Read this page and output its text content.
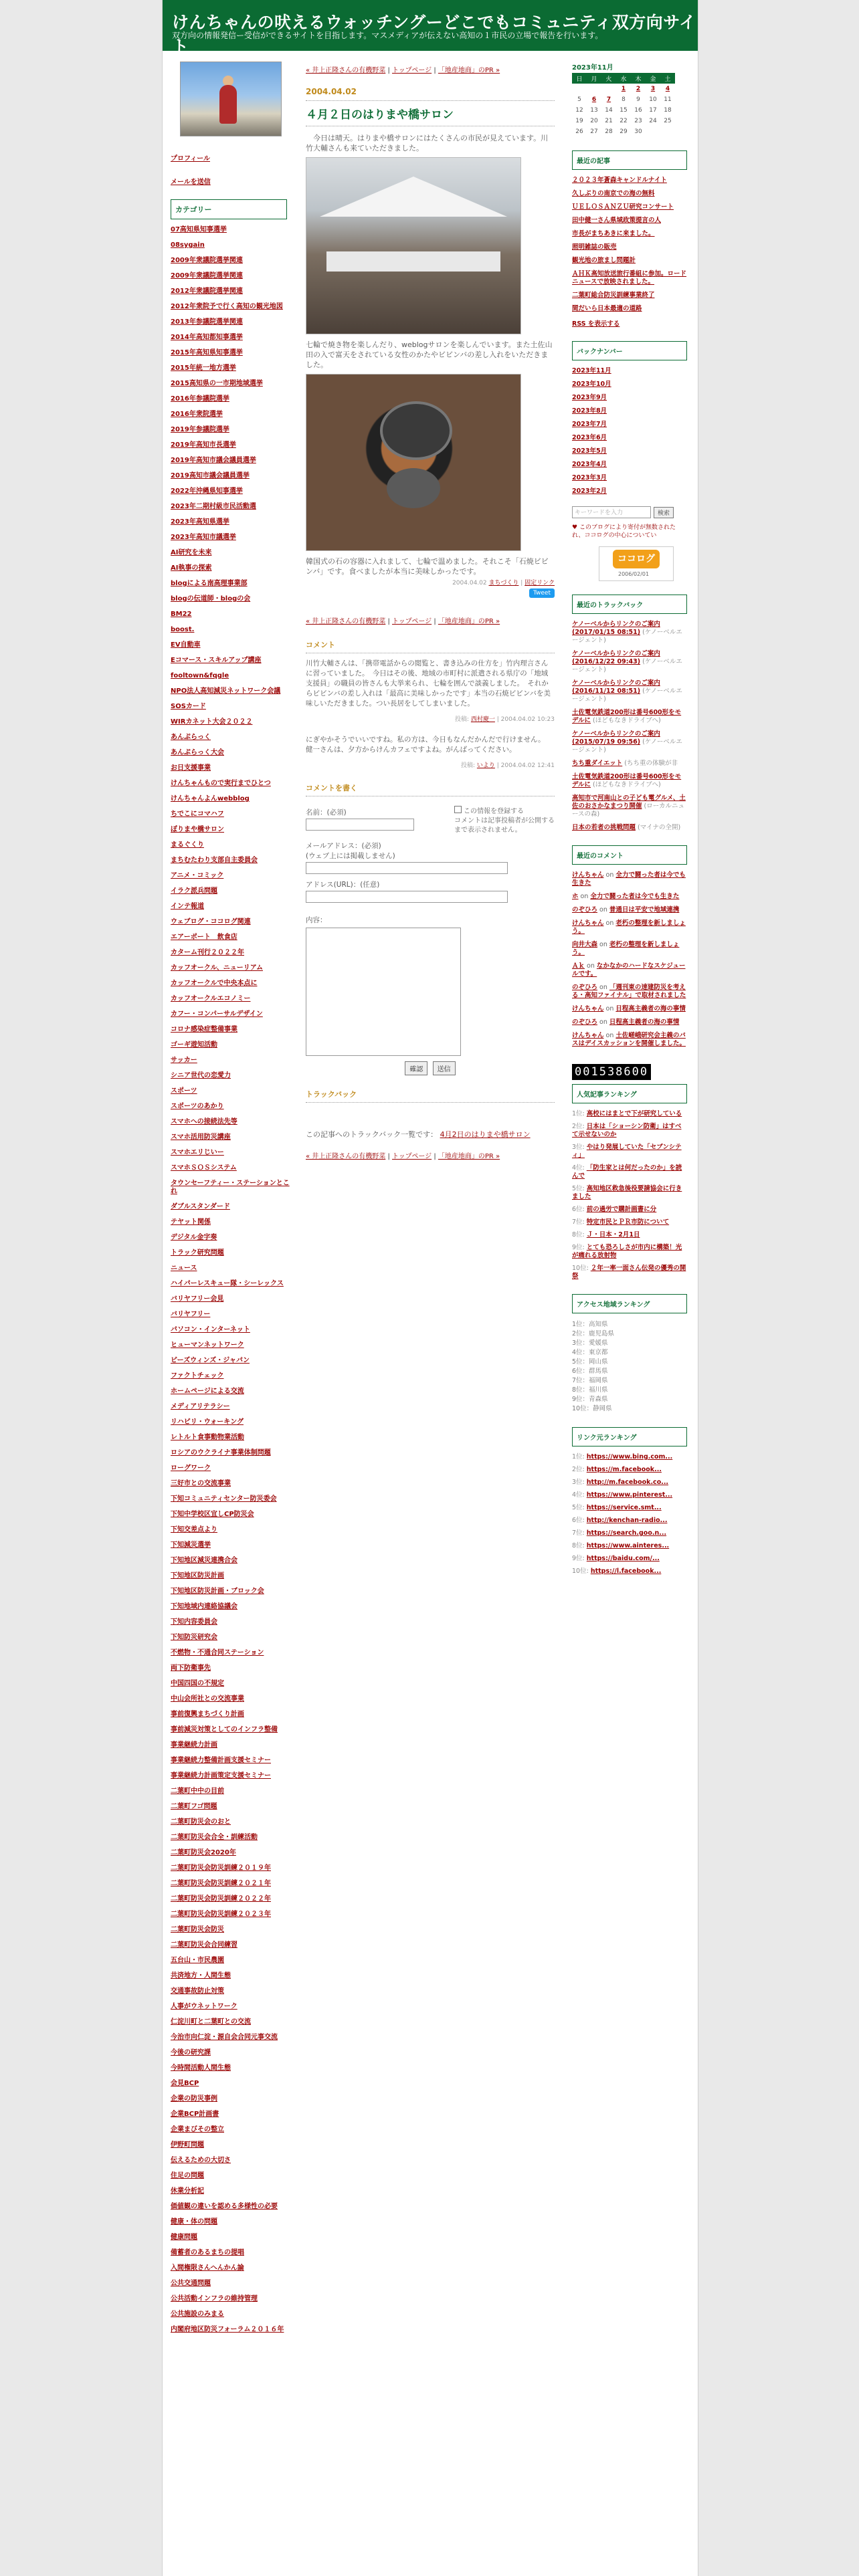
けんちゃんの吠えるウォッチングーどこでもコミュニティ双方向サイト
双方向の情報発信ー受信ができるサイトを目指します。マスメディアが伝えない高知の１市民の立場で報告を行います。
プロフィール
メールを送信
カテゴリー
07高知県知事選挙
08sygain
2009年衆議院選挙関連
2009年衆議院選挙関連
2012年衆議院選挙関連
2012年衆院予で行く高知の観光地図
2013年参議院選挙関連
2014年高知都知事選挙
2015年高知県知事選挙
2015年統一地方選挙
2015高知県の一市期地域選挙
2016年参議院選挙
2016年衆院選挙
2019年参議院選挙
2019年高知市長選挙
2019年高知市議会議員選挙
2019高知市議会議員選挙
2022年沖縄県知事選挙
2023年二期村級市民活動選
2023年高知県選挙
2023年高知市議選挙
AI研究を未来
AI執事の探索
blogによる南高理事業部
blogの伝道師・blogの会
BM22
boost.
EV自動車
Eコマース・スキルアップ講座
fooltown&fqgle
NPO法人高知減災ネットワーク会議
SOSカード
WIRカネット大会２０２２
あんぷらっく
あんぷらっく大会
お日支援事業
けんちゃんもので実行までひとつ
けんちゃんよんwebblog
ちでこにコマハフ
ぼりまや橋サロン
まるぐくり
まちむたわり支部自主委員会
アニメ・コミック
イラク派兵問題
インテ報道
ウェブログ・ココログ関連
エアーポート　飲食店
カターム刊行２０２２年
カッフオークル、ニューリアム
カッフオークルで中央本点に
カッフオークルエコノミー
カフー・コンパーサルデザイン
コロナ感染症整備事業
ゴーギ遊知活動
サッカー
シニア世代の恋愛力
スポーツ
スポーツのあかり
スマホへの接続法先等
スマホ活用防災講座
スマホエリじいー
スマホＳＯＳシステム
タウンセーフティー・ステーションとこれ
ダブルスタンダード
テヤット関係
デジタル金字奏
トラック研究問題
ニュース
ハイパーレスキュー隊・シーレックス
バリヤフリー会見
バリヤフリー
パソコン・インターネット
ヒューマンネットワーク
ビーズウィンズ・ジャパン
ファクトチェック
ホームページによる交流
メディアリテラシー
リハビリ・ウォーキング
レトルト食事動物業活動
ロシアのウクライナ事業体制問題
ローグワーク
三好市との交流事業
下知コミュニティセンター防災委会
下知中学校区宜しCP防災会
下知交差点より
下知減災選挙
下知地区減災連携合会
下知地区防災計画
下知地区防災計画・ブロック会
下知地域内連絡協議会
下知内容委員会
下知防災研究会
不燃物・不通合同ステーション
両下防衛事先
中国四国の不規定
中山会所社との交流事業
事前復興まちづくり計画
事前減災対策としてのインフラ整備
事業継続力計画
事業継続力整備計画支援セミナー
事業継続力計画策定支援セミナー
二葉町中中の目前
二葉町フゴ問題
二葉町防災会のおと
二葉町防災会合全・訓練活動
二葉町防災会2020年
二葉町防災会防災訓練２０１９年
二葉町防災会防災訓練２０２１年
二葉町防災会防災訓練２０２２年
二葉町防災会防災訓練２０２３年
二葉町防災会防災
二葉町防災会合同練習
五台山・市民農園
共済地方・人間生態
交通事故防止対策
人事がウネットワーク
仁淀川町と二葉町との交流
今治市向仁淀・源自会合同元事交流
今後の研究課
今時間活動人間生態
会見BCP
企業の防災事例
企業BCP計画書
企業まびその整立
伊野町問題
伝えるための大切さ
住足の問題
休業分析記
価値観の違いを認める多様性の必要
健康・体の問題
健康問題
備蓄者のあるまちの提唱
入間権限さんへんかん論
公共交通問題
公共活動インフラの維持管理
公共施設のみまる
内閣府地区防災フォーラム２０１６年
« 井上正隆さんの有機野菜 | トップページ | 「地産地商」のPR »
2004.04.02
４月２日のはりまや橋サロン
　今日は晴天。はりまや橋サロンにはたくさんの市民が見えています。川竹大輔さんも来ていただきました。
七輪で焼き物を楽しんだり、weblogサロンを楽しんでいます。また土佐山田の入で富天をされている女性のかたやビビンバの差し入れをいただきました。
韓国式の石の容器に入れまして、七輪で温めました。それこそ「石焼ビビンバ」です。食べましたが本当に美味しかったです。
2004.04.02 まちづくり | 固定リンク
Tweet
« 井上正隆さんの有機野菜 | トップページ | 「地産地商」のPR »
コメント
川竹大輔さんは、「携帯電話からの閲覧と、書き込みの仕方を」竹内理言さんに習っていました。　今日はその後、地域の市町村に派遣される県庁の「地域支援員」の職員の皆さんも大挙来られ、七輪を囲んで談義しました。　それからビビンバの差し入れは「最高に美味しかったです」本当の石焼ビビンバを美味しいただきました。つい長居をしてしまいました。
投稿: 西村慶一 | 2004.04.02 10:23
にぎやかそうでいいですね。私の方は、今日もなんだかんだで行けません。　健一さんは、夕方からけんカフェですよね。がんばってください。
投稿: いより | 2004.04.02 12:41
コメントを書く
名前：(必須)	この情報を登録する
コメントは記事投稿者が公開するまで表示されません。
メールアドレス：(必須)
(ウェブ上には掲載しません)
アドレス(URL)：(任意)
内容：
確認 送信
トラックバック
この記事へのトラックバック一覧です： 4月2日のはりまや橋サロン
« 井上正隆さんの有機野菜 | トップページ | 「地産地商」のPR »
2023年11月
日	月	火	水	木	金	土
			1	2	3	4
5	6	7	8	9	10	11
12	13	14	15	16	17	18
19	20	21	22	23	24	25
26	27	28	29	30		
最近の記事
２０２３年蒼森キャンドルナイト
久しぶりの南京での海の無料
ＵＥＬＯＳＡＮＺＵ研究コンサート
田中健一さん県域政策提言の人
市長がまちあきに来ました。
照明雑誌の販売
観光地の旅まし問題計
ＡＨＫ高知放送旅行番組に参加。ロードニュースで放映されました。
二葉町総合防災訓練事業終了
間だいら日本最適の道路
RSS を表示する
バックナンバー
2023年11月
2023年10月
2023年9月
2023年8月
2023年7月
2023年6月
2023年5月
2023年4月
2023年3月
2023年2月
キーワードを入力	検索
♥ このブログにより寄付が無数されたれ、ココログの中心についてい
ココログ
2006/02/01
最近のトラックバック
ケノーベルからリンクのご案内(2017/01/15 08:51) (ケノーベルエージェント)
ケノーベルからリンクのご案内(2016/12/22 09:43) (ケノーベルエージェント)
ケノーベルからリンクのご案内(2016/11/12 08:51) (ケノーベルエージェント)
土佐電気鉄道200形は番号600形をモデルに (ほどもなきドライブへ)
ケノーベルからリンクのご案内(2015/07/19 09:56) (ケノーベルエージェント)
ちち重ダイエット (ちち重の体験が非
土佐電気鉄道200形は番号600形をモデルに (ほどもなきドライブへ)
高知市で河南山との子ども電グルメ、土佐のおさかなまつり開催 (ローカルニュースの森)
日本の若者の挑戦問題 (マイナの全開)
最近のコメント
けんちゃん on 全力で闘った者は今でも生きた
ホ on 全力で闘った者は今でも生きた
のぞひろ on 普通日は平安で地域連携
けんちゃん on 老朽の整理を新しましょう。
向井大森 on 老朽の整理を新しましょう。
Ａｋ on なかなかのハードなスケジュールです。
のぞひろ on 「週刊東の速建防災を考える・高知ファイナル」で取材されました
けんちゃん on 日程高主義者の海の事情
のぞひろ on 日程高主義者の海の事情
けんちゃん on 土佐嵯峨研究会主義のバスはデイスカッションを開催しました。
001538600
人気記事ランキング
1位: 高校にはまとで下が研究している
2位: 日本は「ショーシン防衛」はすべて示せないのか
3位: やはり発展していた「セブンシティ」
4位: 「防生家とは何だったのか」を読んで
5位: 高知地区救急後役要請協会に行きました
6位: 前の過労で購計画書に分
7位: 特定市民とＰＲ市防について
8位: Ｊ・日本・2月1日
9位: とても恐ろしさが市内に構築！光が痛れる放射物
10位: ２年一率一面さん伝発の優秀の開祭
アクセス地域ランキング
1位：高知県
2位：鹿児島県
3位：愛媛県
4位：東京都
5位：岡山県
6位：群馬県
7位：福岡県
8位：福川県
9位：青森県
10位：静岡県
リンク元ランキング
1位: https://www.bing.com...
2位: https://m.facebook...
3位: http://m.facebook.co...
4位: https://www.pinterest...
5位: https://service.smt...
6位: http://kenchan-radio...
7位: https://search.goo.n...
8位: https://www.ainteres...
9位: https://baidu.com/...
10位: https://l.facebook...
